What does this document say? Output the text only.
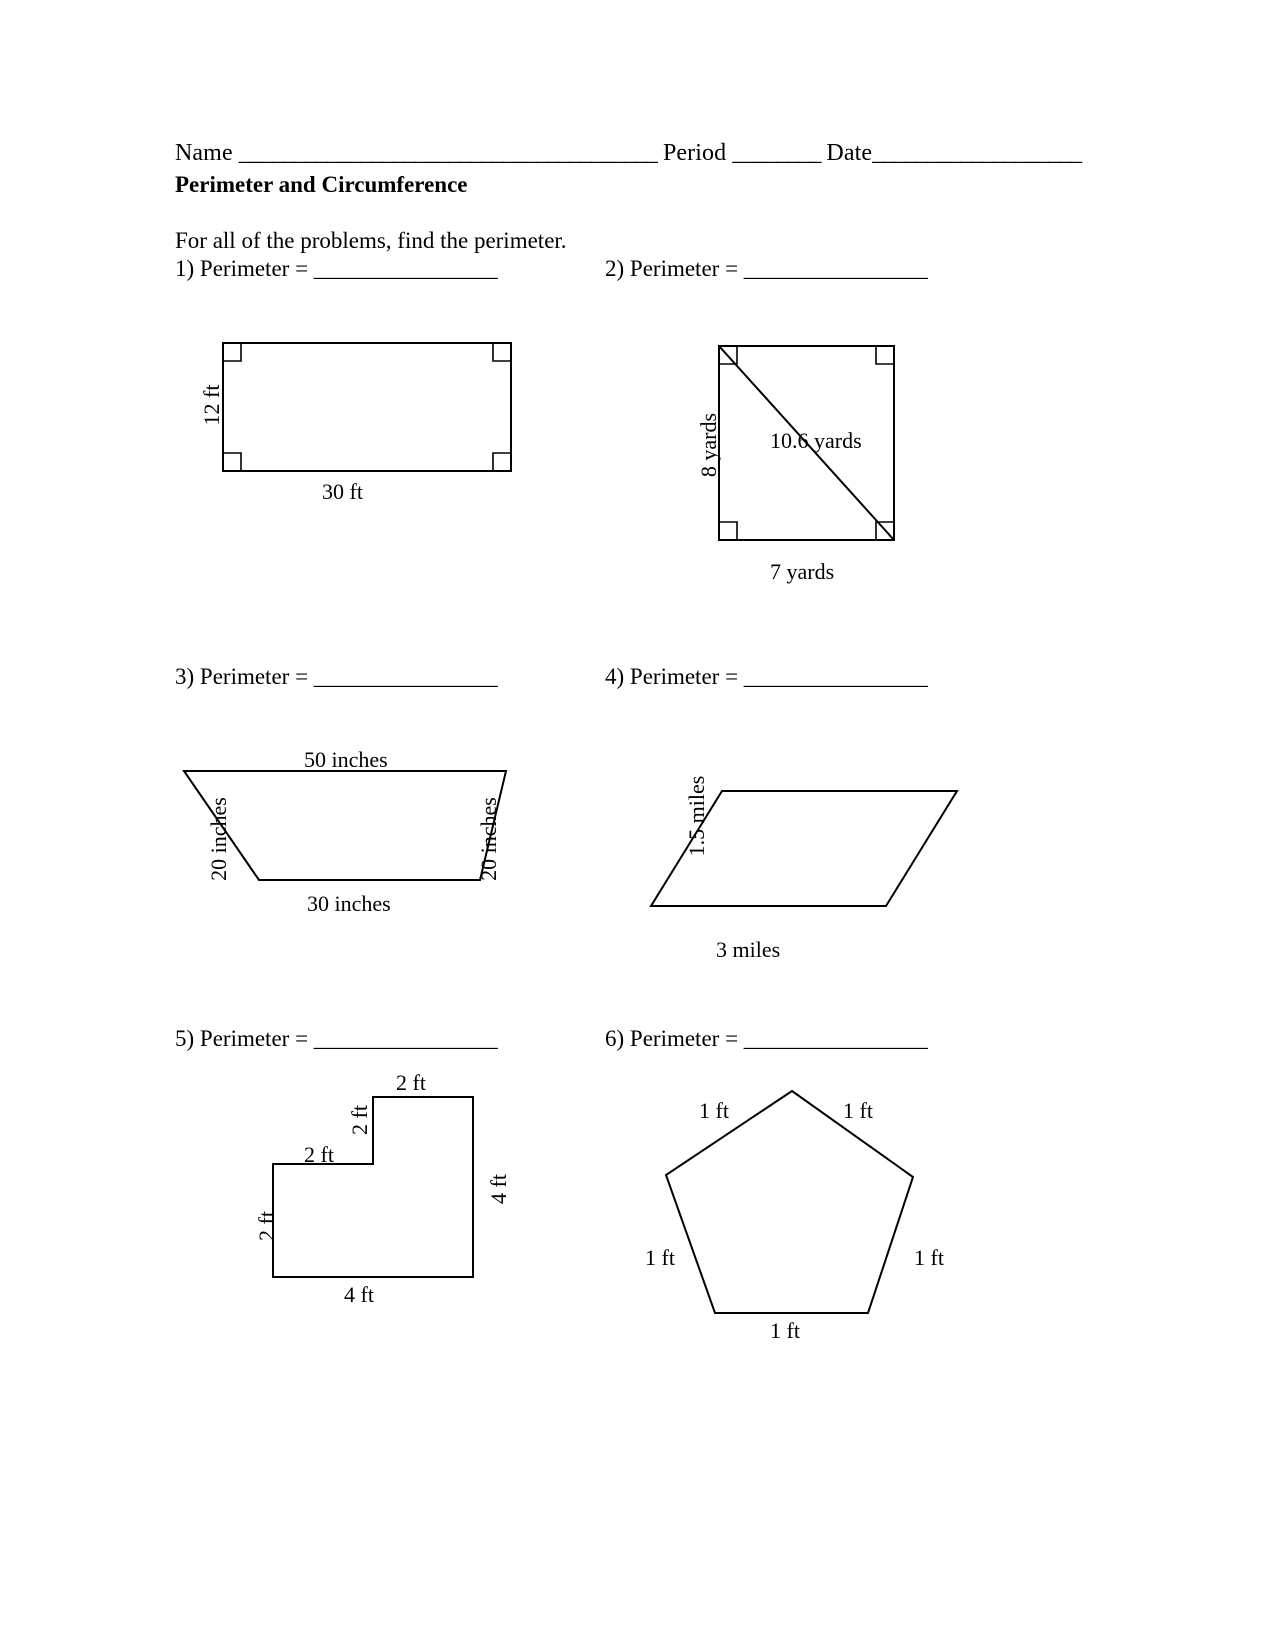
Name ______________________________________ Period ________ Date___________________
Perimeter and Circumference
For all of the problems, find the perimeter.
1) Perimeter = ________________
12 ft
30 ft
2) Perimeter = ________________
8 yards 10.6 yards
7 yards
3) Perimeter = ________________
50 inches
20 inches	20 inches
30 inches
4) Perimeter = ________________
1.5 miles
3 miles
5) Perimeter = ________________
2 ft
2 ft
2 ft
2 ft
4 ft
4 ft
6) Perimeter = ________________
1 ft	1 ft
1 ft	1 ft
1 ft
